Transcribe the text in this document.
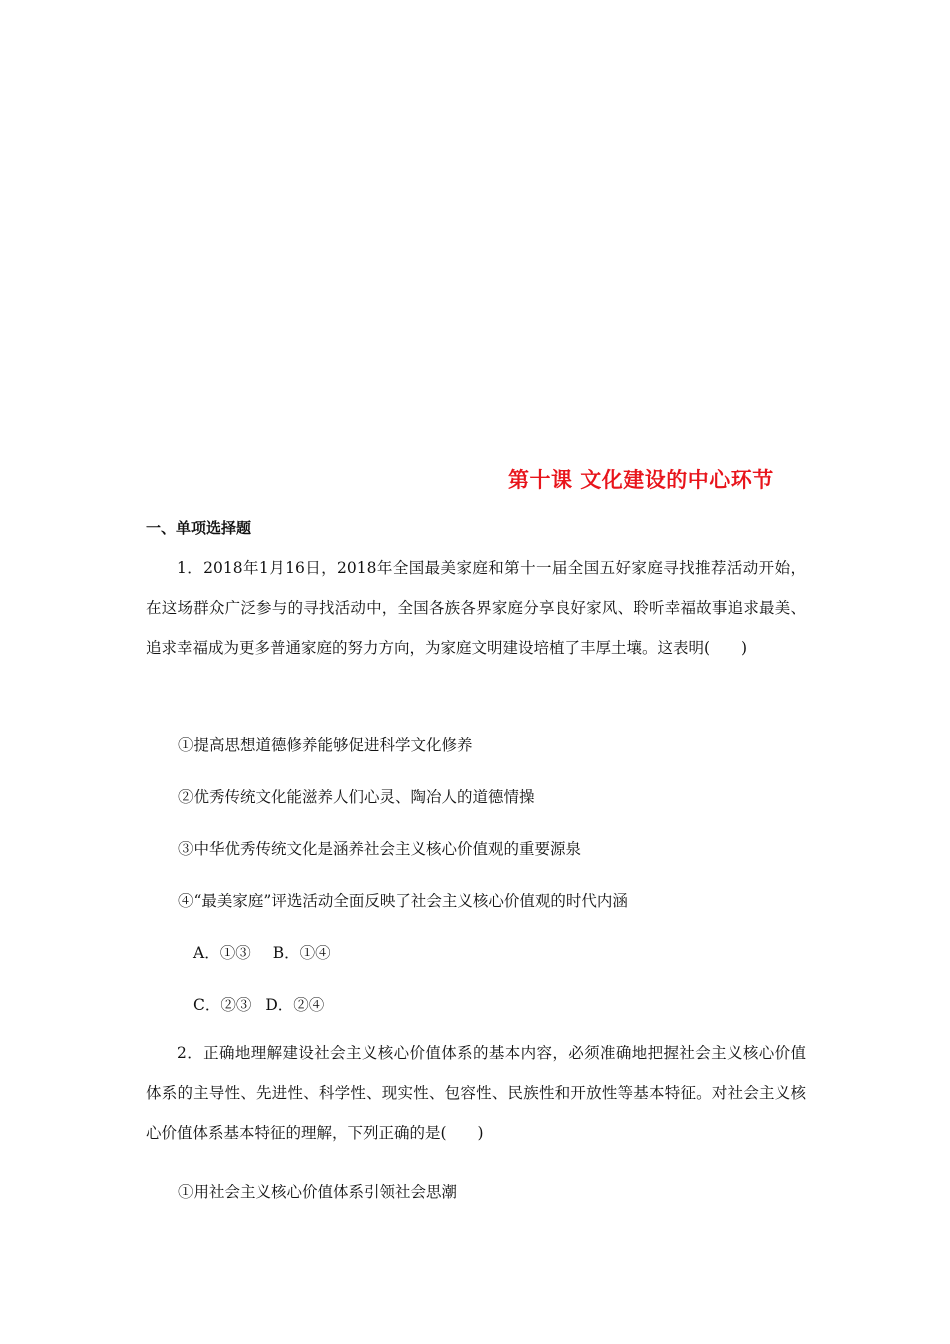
第十课 文化建设的中心环节
一、单项选择题
1．2018年1月16日，2018年全国最美家庭和第十一届全国五好家庭寻找推荐活动开始，在这场群众广泛参与的寻找活动中，全国各族各界家庭分享良好家风、聆听幸福故事追求最美、追求幸福成为更多普通家庭的努力方向，为家庭文明建设培植了丰厚土壤。这表明(　　)
①提高思想道德修养能够促进科学文化修养
②优秀传统文化能滋养人们心灵、陶冶人的道德情操
③中华优秀传统文化是涵养社会主义核心价值观的重要源泉
④“最美家庭”评选活动全面反映了社会主义核心价值观的时代内涵
A．①③ B．①④
C．②③ D．②④
2．正确地理解建设社会主义核心价值体系的基本内容，必须准确地把握社会主义核心价值体系的主导性、先进性、科学性、现实性、包容性、民族性和开放性等基本特征。对社会主义核心价值体系基本特征的理解，下列正确的是(　　)
①用社会主义核心价值体系引领社会思潮
